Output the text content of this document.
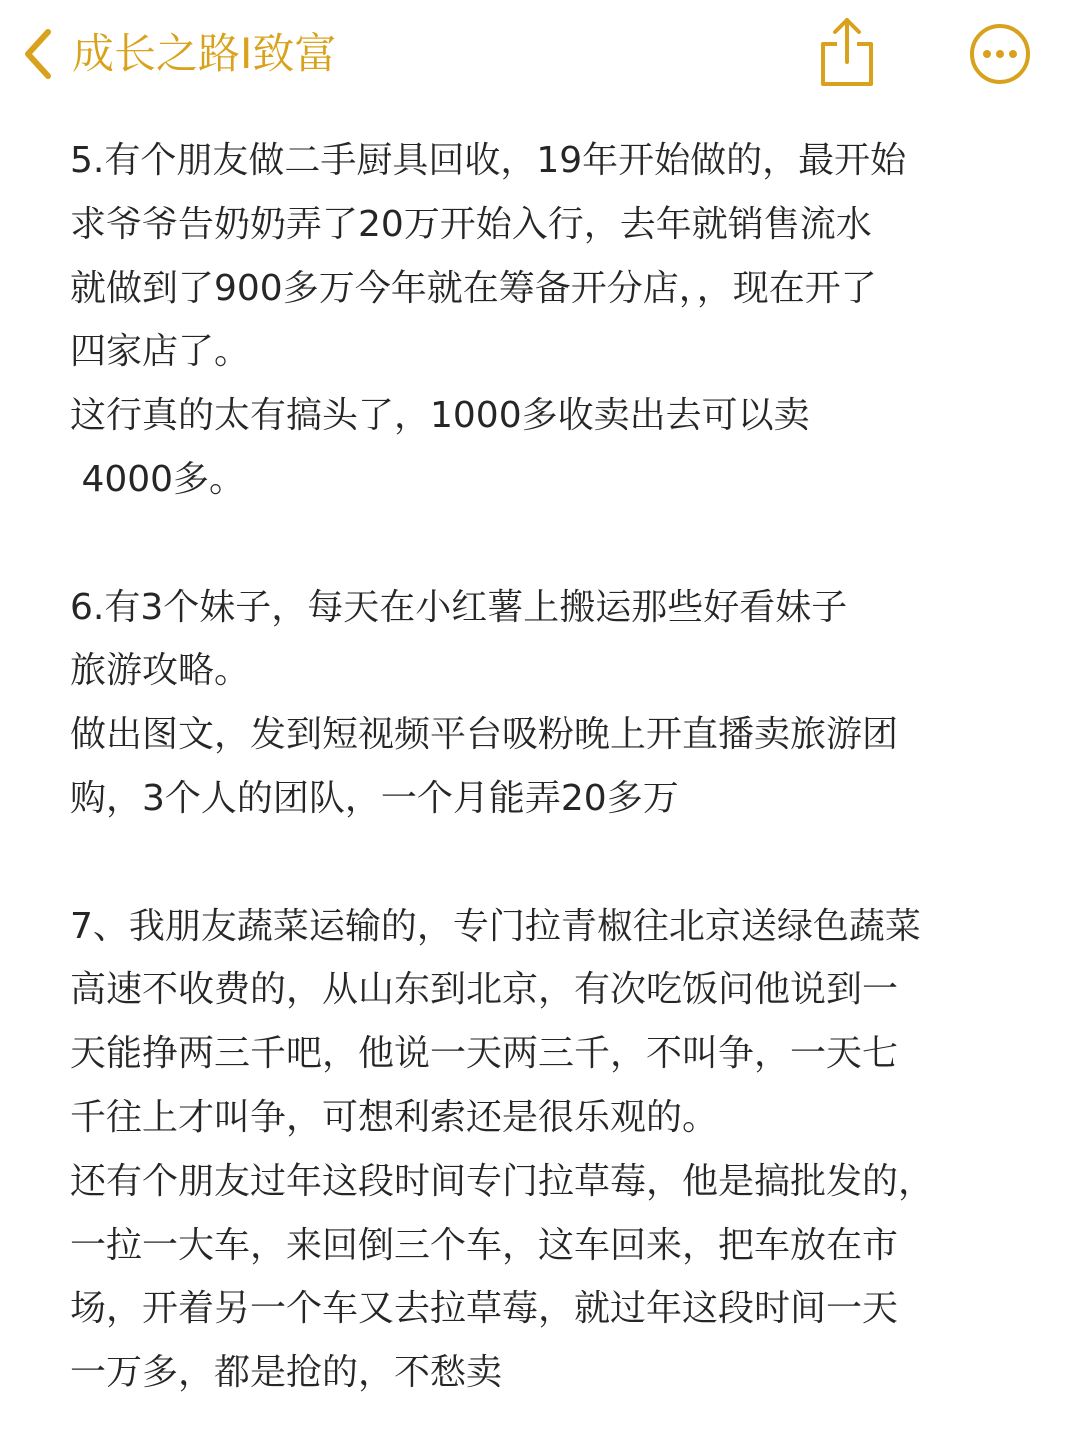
成长之路I致富
5.有个朋友做二手厨具回收，19年开始做的，最开始
求爷爷告奶奶弄了20万开始入行，去年就销售流水
就做到了900多万今年就在筹备开分店，，现在开了
四家店了。
这行真的太有搞头了，1000多收卖出去可以卖
4000多。
6.有3个妹子，每天在小红薯上搬运那些好看妹子
旅游攻略。
做出图文，发到短视频平台吸粉晚上开直播卖旅游团
购，3个人的团队，一个月能弄20多万
7、我朋友蔬菜运输的，专门拉青椒往北京送绿色蔬菜
高速不收费的，从山东到北京，有次吃饭问他说到一
天能挣两三千吧，他说一天两三千，不叫争，一天七
千往上才叫争，可想利索还是很乐观的。
还有个朋友过年这段时间专门拉草莓，他是搞批发的，
一拉一大车，来回倒三个车，这车回来，把车放在市
场，开着另一个车又去拉草莓，就过年这段时间一天
一万多，都是抢的，不愁卖
